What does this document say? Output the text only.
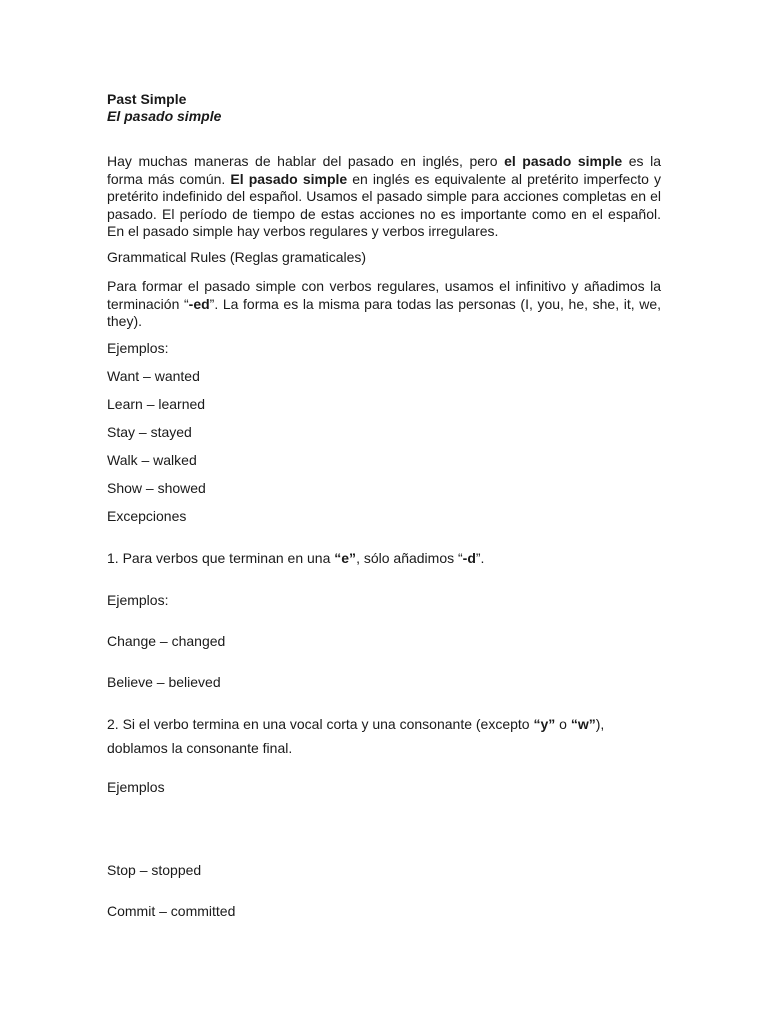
Past Simple

El pasado simple

Hay muchas maneras de hablar del pasado en inglés, pero el pasado simple es la forma más común. El pasado simple en inglés es equivalente al pretérito imperfecto y pretérito indefinido del español. Usamos el pasado simple para acciones completas en el pasado. El período de tiempo de estas acciones no es importante como en el español. En el pasado simple hay verbos regulares y verbos irregulares.

Grammatical Rules (Reglas gramaticales)

Para formar el pasado simple con verbos regulares, usamos el infinitivo y añadimos la terminación “-ed”. La forma es la misma para todas las personas (I, you, he, she, it, we, they).

Ejemplos:

Want – wanted

Learn – learned

Stay – stayed

Walk – walked

Show – showed

Excepciones

1. Para verbos que terminan en una “e”, sólo añadimos “-d”.

Ejemplos:

Change – changed

Believe – believed

2. Si el verbo termina en una vocal corta y una consonante (excepto “y” o “w”), doblamos la consonante final.

Ejemplos

Stop – stopped

Commit – committed
